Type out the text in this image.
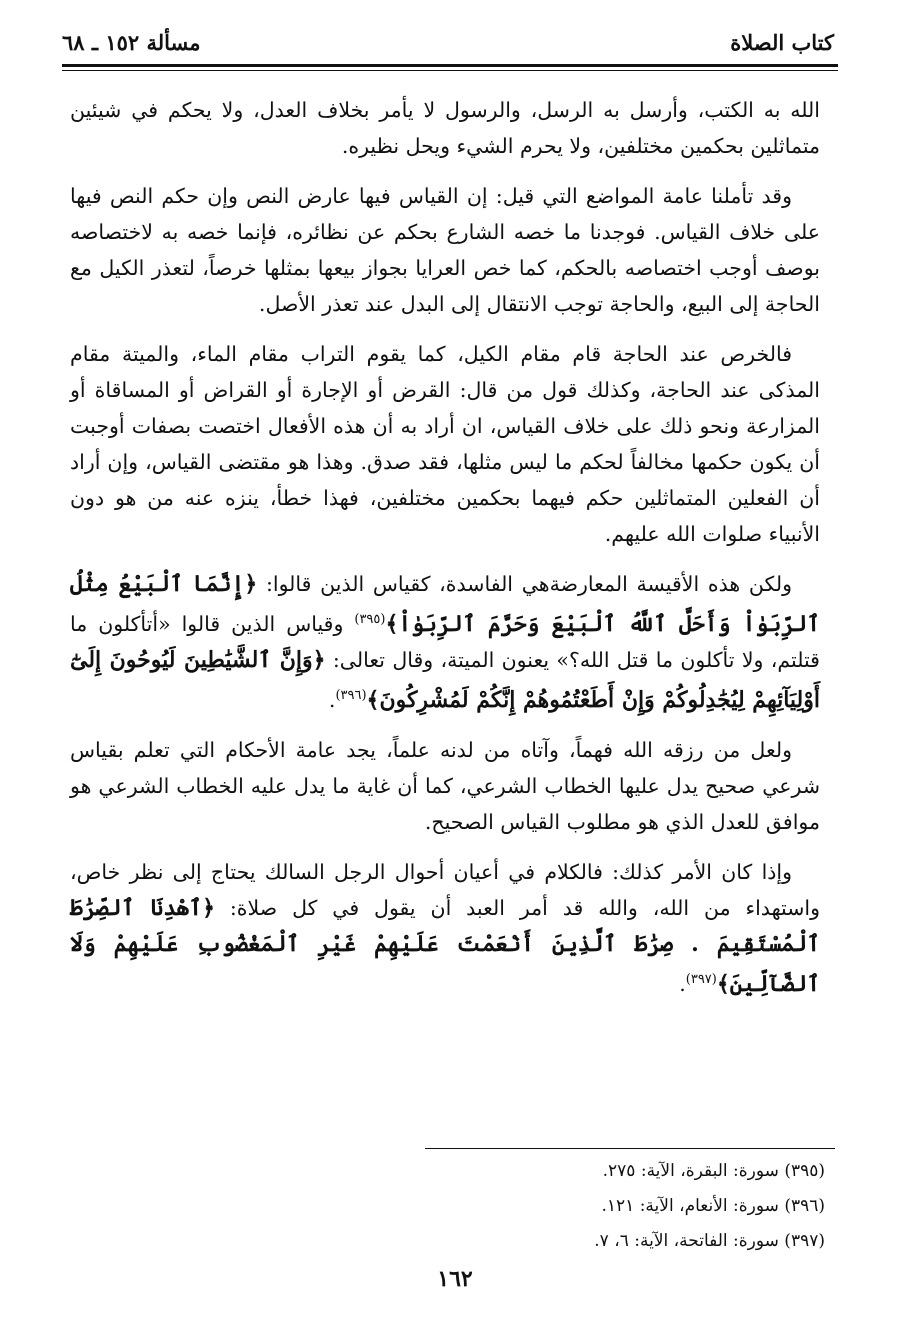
مسألة ١٥٢ ـ ٦٨	كتاب الصلاة

الله به الكتب، وأرسل به الرسل، والرسول لا يأمر بخلاف العدل، ولا يحكم في شيئين متماثلين بحكمين مختلفين، ولا يحرم الشيء ويحل نظيره.

وقد تأملنا عامة المواضع التي قيل: إن القياس فيها عارض النص وإن حكم النص فيها على خلاف القياس. فوجدنا ما خصه الشارع بحكم عن نظائره، فإنما خصه به لاختصاصه بوصف أوجب اختصاصه بالحكم، كما خص العرايا بجواز بيعها بمثلها خرصاً، لتعذر الكيل مع الحاجة إلى البيع، والحاجة توجب الانتقال إلى البدل عند تعذر الأصل.

فالخرص عند الحاجة قام مقام الكيل، كما يقوم التراب مقام الماء، والميتة مقام المذكى عند الحاجة، وكذلك قول من قال: القرض أو الإجارة أو القراض أو المساقاة أو المزارعة ونحو ذلك على خلاف القياس، ان أراد به أن هذه الأفعال اختصت بصفات أوجبت أن يكون حكمها مخالفاً لحكم ما ليس مثلها، فقد صدق. وهذا هو مقتضى القياس، وإن أراد أن الفعلين المتماثلين حكم فيهما بحكمين مختلفين، فهذا خطأ، ينزه عنه من هو دون الأنبياء صلوات الله عليهم.

ولكن هذه الأقيسة المعارضةهي الفاسدة، كقياس الذين قالوا: ﴿إِنَّمَا ٱلْبَيْعُ مِثْلُ ٱلرِّبَوٰاْ وَأَحَلَّ ٱللَّهُ ٱلْبَيْعَ وَحَرَّمَ ٱلرِّبَوٰاْ﴾$^{(٣٩٥)}$ وقياس الذين قالوا «أتأكلون ما قتلتم، ولا تأكلون ما قتل الله؟» يعنون الميتة، وقال تعالى: ﴿وَإِنَّ ٱلشَّيَٰطِينَ لَيُوحُونَ إِلَىٰٓ أَوْلِيَآئِهِمْ لِيُجَٰدِلُوكُمْ وَإِنْ أَطَعْتُمُوهُمْ إِنَّكُمْ لَمُشْرِكُونَ﴾$^{(٣٩٦)}$.

ولعل من رزقه الله فهماً، وآتاه من لدنه علماً، يجد عامة الأحكام التي تعلم بقياس شرعي صحيح يدل عليها الخطاب الشرعي، كما أن غاية ما يدل عليه الخطاب الشرعي هو موافق للعدل الذي هو مطلوب القياس الصحيح.

وإذا كان الأمر كذلك: فالكلام في أعيان أحوال الرجل السالك يحتاج إلى نظر خاص، واستهداء من الله، والله قد أمر العبد أن يقول في كل صلاة: ﴿ٱهْدِنَا ٱلصِّرَٰطَ ٱلْمُسْتَقِيمَ . صِرَٰطَ ٱلَّذِينَ أَنْعَمْتَ عَلَيْهِمْ غَيْرِ ٱلْمَغْضُوبِ عَلَيْهِمْ وَلَا ٱلضَّآلِّينَ﴾$^{(٣٩٧)}$.

(٣٩٥) سورة: البقرة، الآية: ٢٧٥.
(٣٩٦) سورة: الأنعام، الآية: ١٢١.
(٣٩٧) سورة: الفاتحة، الآية: ٦، ٧.
١٦٢
